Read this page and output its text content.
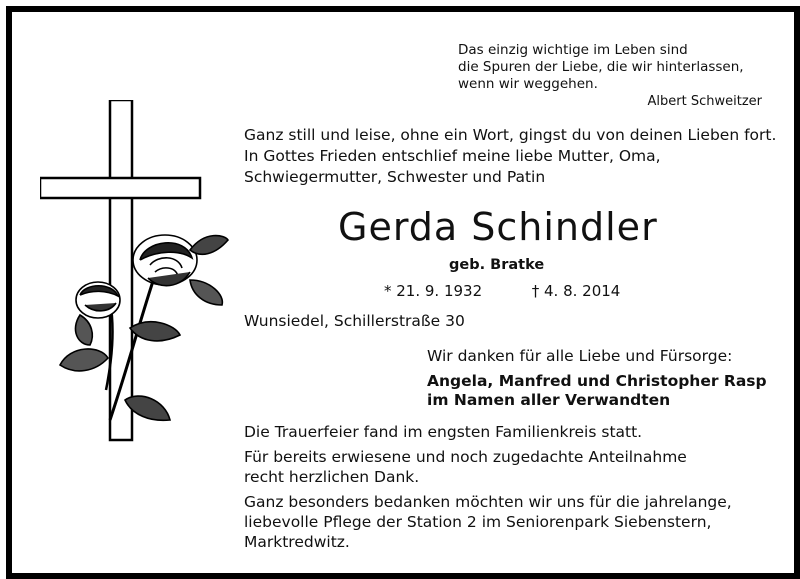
Das einzig wichtige im Leben sind
die Spuren der Liebe, die wir hinterlassen,
wenn wir weggehen.
Albert Schweitzer
Ganz still und leise, ohne ein Wort, gingst du von deinen Lieben fort.
In Gottes Frieden entschlief meine liebe Mutter, Oma,
Schwiegermutter, Schwester und Patin
Gerda Schindler
geb. Bratke
* 21. 9. 1932	† 4. 8. 2014
Wunsiedel, Schillerstraße 30
Wir danken für alle Liebe und Fürsorge:
Angela, Manfred und Christopher Rasp
im Namen aller Verwandten
Die Trauerfeier fand im engsten Familienkreis statt.
Für bereits erwiesene und noch zugedachte Anteilnahme
recht herzlichen Dank.
Ganz besonders bedanken möchten wir uns für die jahrelange,
liebevolle Pflege der Station 2 im Seniorenpark Siebenstern,
Marktredwitz.
